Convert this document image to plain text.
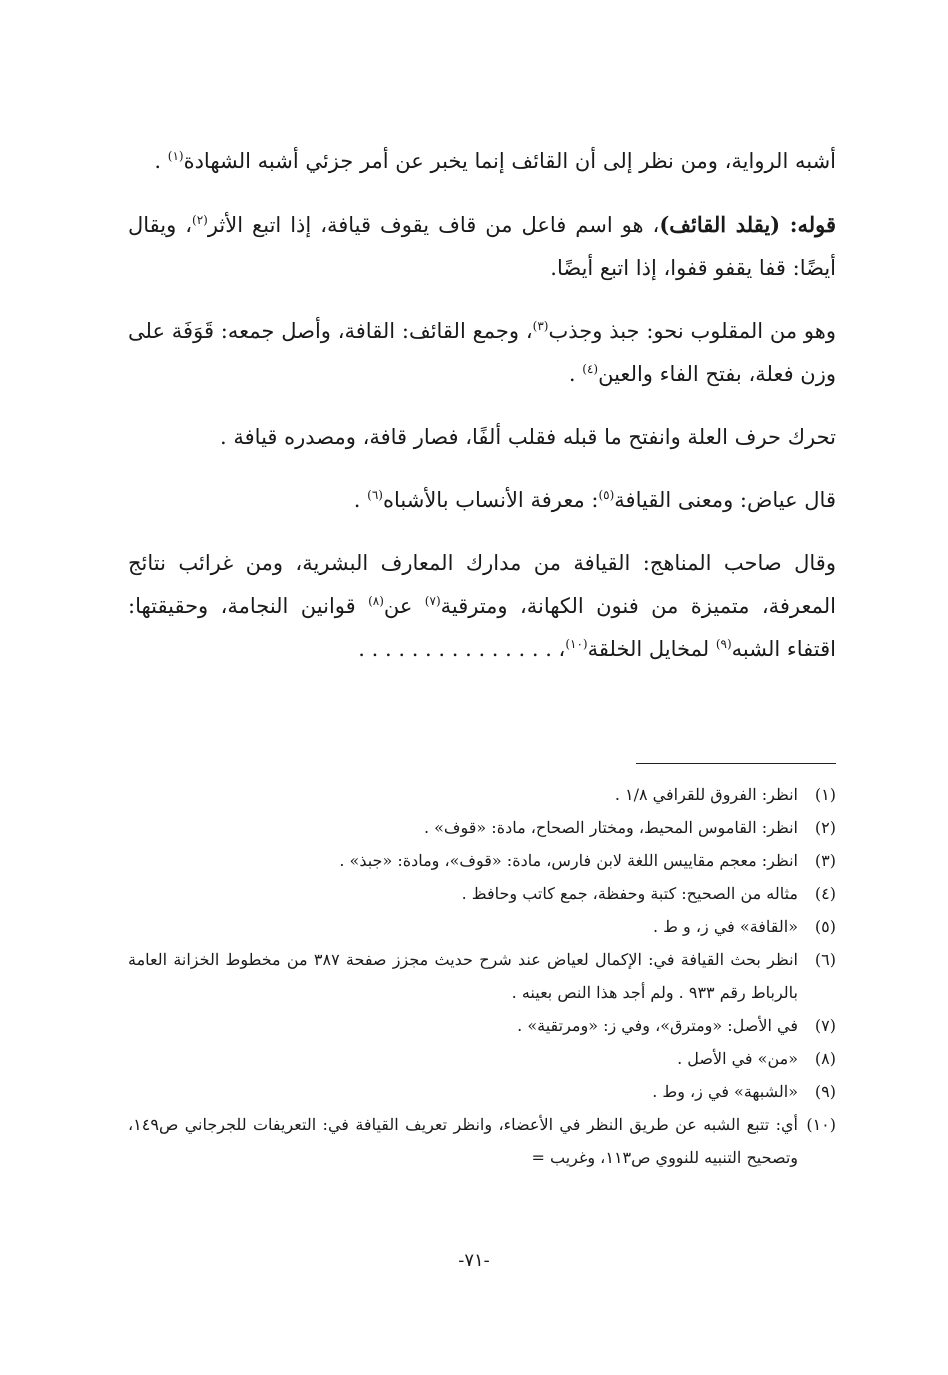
أشبه الرواية، ومن نظر إلى أن القائف إنما يخبر عن أمر جزئي أشبه الشهادة$^{(١)}$ .

قوله: (يقلد القائف)، هو اسم فاعل من قاف يقوف قيافة، إذا اتبع الأثر$^{(٢)}$، ويقال أيضًا: قفا يقفو قفوا، إذا اتبع أيضًا.

وهو من المقلوب نحو: جبذ وجذب$^{(٣)}$، وجمع القائف: القافة، وأصل جمعه: قَوَفَة على وزن فعلة، بفتح الفاء والعين$^{(٤)}$ .

تحرك حرف العلة وانفتح ما قبله فقلب ألفًا، فصار قافة، ومصدره قيافة .

قال عياض: ومعنى القيافة$^{(٥)}$: معرفة الأنساب بالأشباه$^{(٦)}$ .

وقال صاحب المناهج: القيافة من مدارك المعارف البشرية، ومن غرائب نتائج المعرفة، متميزة من فنون الكهانة، ومترقية$^{(٧)}$ عن$^{(٨)}$ قوانين النجامة، وحقيقتها: اقتفاء الشبه$^{(٩)}$ لمخايل الخلقة$^{(١٠)}$، . . . . . . . . . . . . . . .

(١)
انظر: الفروق للقرافي ١/٨ .
(٢)
انظر: القاموس المحيط، ومختار الصحاح، مادة: «قوف» .
(٣)
انظر: معجم مقاييس اللغة لابن فارس، مادة: «قوف»، ومادة: «جبذ» .
(٤)
مثاله من الصحيح: كتبة وحفظة، جمع كاتب وحافظ .
(٥)
«القافة» في ز، و ط .
(٦)
انظر بحث القيافة في: الإكمال لعياض عند شرح حديث مجزز صفحة ٣٨٧ من مخطوط الخزانة العامة بالرباط رقم ٩٣٣ . ولم أجد هذا النص بعينه .
(٧)
في الأصل: «ومترق»، وفي ز: «ومرتقية» .
(٨)
«من» في الأصل .
(٩)
«الشبهة» في ز، وط .
(١٠)
أي: تتبع الشبه عن طريق النظر في الأعضاء، وانظر تعريف القيافة في: التعريفات للجرجاني ص١٤٩، وتصحيح التنبيه للنووي ص١١٣، وغريب =
-٧١-
